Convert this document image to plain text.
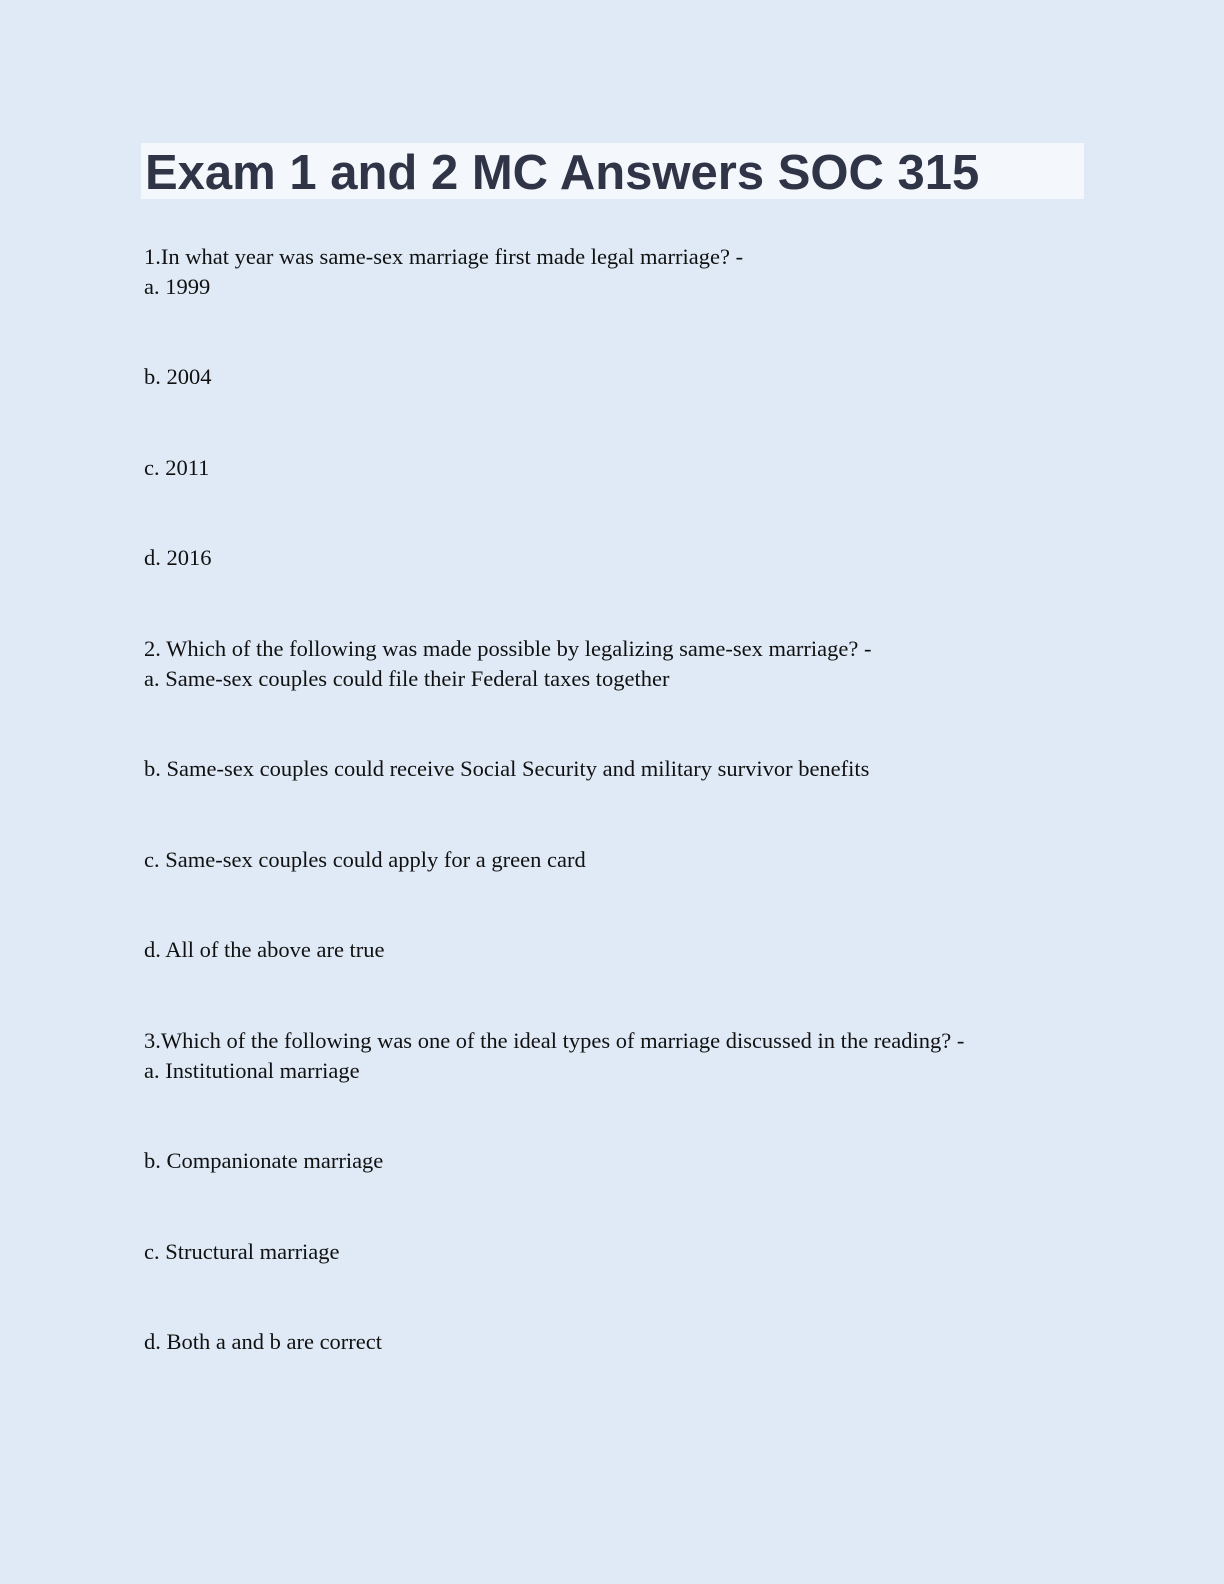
Exam 1 and 2 MC Answers SOC 315

1.In what year was same-sex marriage first made legal marriage? -

a. 1999

b. 2004

c. 2011

d. 2016

2. Which of the following was made possible by legalizing same-sex marriage? -

a. Same-sex couples could file their Federal taxes together

b. Same-sex couples could receive Social Security and military survivor benefits

c. Same-sex couples could apply for a green card

d. All of the above are true

3.Which of the following was one of the ideal types of marriage discussed in the reading? -

a. Institutional marriage

b. Companionate marriage

c. Structural marriage

d. Both a and b are correct
